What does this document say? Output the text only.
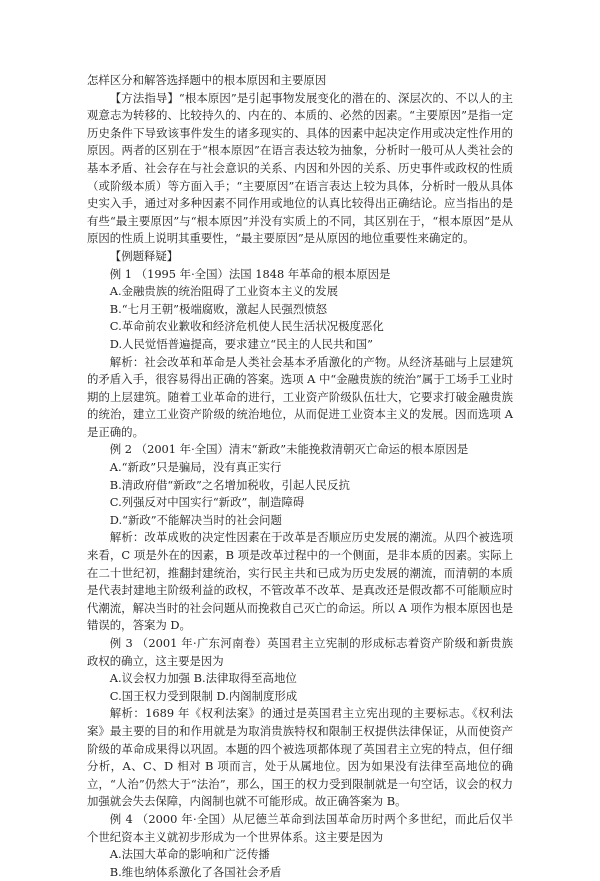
怎样区分和解答选择题中的根本原因和主要原因

【方法指导】“根本原因”是引起事物发展变化的潜在的、深层次的、不以人的主观意志为转移的、比较持久的、内在的、本质的、必然的因素。“主要原因”是指一定历史条件下导致该事件发生的诸多现实的、具体的因素中起决定作用或决定性作用的原因。两者的区别在于“根本原因”在语言表达较为抽象，分析时一般可从人类社会的基本矛盾、社会存在与社会意识的关系、内因和外因的关系、历史事件或政权的性质（或阶级本质）等方面入手；“主要原因”在语言表达上较为具体，分析时一般从具体史实入手，通过对多种因素不同作用或地位的认真比较得出正确结论。应当指出的是有些“最主要原因”与“根本原因”并没有实质上的不同，其区别在于，“根本原因”是从原因的性质上说明其重要性，“最主要原因”是从原因的地位重要性来确定的。

【例题释疑】

例 1 （1995 年·全国）法国 1848 年革命的根本原因是

A.金融贵族的统治阻碍了工业资本主义的发展

B.“七月王朝”极端腐败，激起人民强烈愤怒

C.革命前农业歉收和经济危机使人民生活状况极度恶化

D.人民觉悟普遍提高，要求建立“民主的人民共和国”

解析：社会改革和革命是人类社会基本矛盾激化的产物。从经济基础与上层建筑的矛盾入手，很容易得出正确的答案。选项 A 中“金融贵族的统治”属于工场手工业时期的上层建筑。随着工业革命的进行，工业资产阶级队伍壮大，它要求打破金融贵族的统治，建立工业资产阶级的统治地位，从而促进工业资本主义的发展。因而选项 A 是正确的。

例 2 （2001 年·全国）清末“新政”未能挽救清朝灭亡命运的根本原因是

A.“新政”只是骗局，没有真正实行

B.清政府借“新政”之名增加税收，引起人民反抗

C.列强反对中国实行“新政”，制造障碍

D.“新政”不能解决当时的社会问题

解析：改革成败的决定性因素在于改革是否顺应历史发展的潮流。从四个被选项来看，C 项是外在的因素，B 项是改革过程中的一个侧面，是非本质的因素。实际上在二十世纪初，推翻封建统治，实行民主共和已成为历史发展的潮流，而清朝的本质是代表封建地主阶级利益的政权，不管改革不改革、是真改还是假改都不可能顺应时代潮流，解决当时的社会问题从而挽救自己灭亡的命运。所以 A 项作为根本原因也是错误的，答案为 D。

例 3 （2001 年·广东河南卷）英国君主立宪制的形成标志着资产阶级和新贵族政权的确立，这主要是因为

A.议会权力加强 B.法律取得至高地位

C.国王权力受到限制 D.内阁制度形成

解析：1689 年《权利法案》的通过是英国君主立宪出现的主要标志。《权利法案》最主要的目的和作用就是为取消贵族特权和限制王权提供法律保证，从而使资产阶级的革命成果得以巩固。本题的四个被选项都体现了英国君主立宪的特点，但仔细分析，A、C、D 相对 B 项而言，处于从属地位。因为如果没有法律至高地位的确立，“人治”仍然大于“法治”，那么，国王的权力受到限制就是一句空话，议会的权力加强就会失去保障，内阁制也就不可能形成。故正确答案为 B。

例 4 （2000 年·全国）从尼德兰革命到法国革命历时两个多世纪，而此后仅半个世纪资本主义就初步形成为一个世界体系。这主要是因为

A.法国大革命的影响和广泛传播

B.维也纳体系激化了各国社会矛盾
